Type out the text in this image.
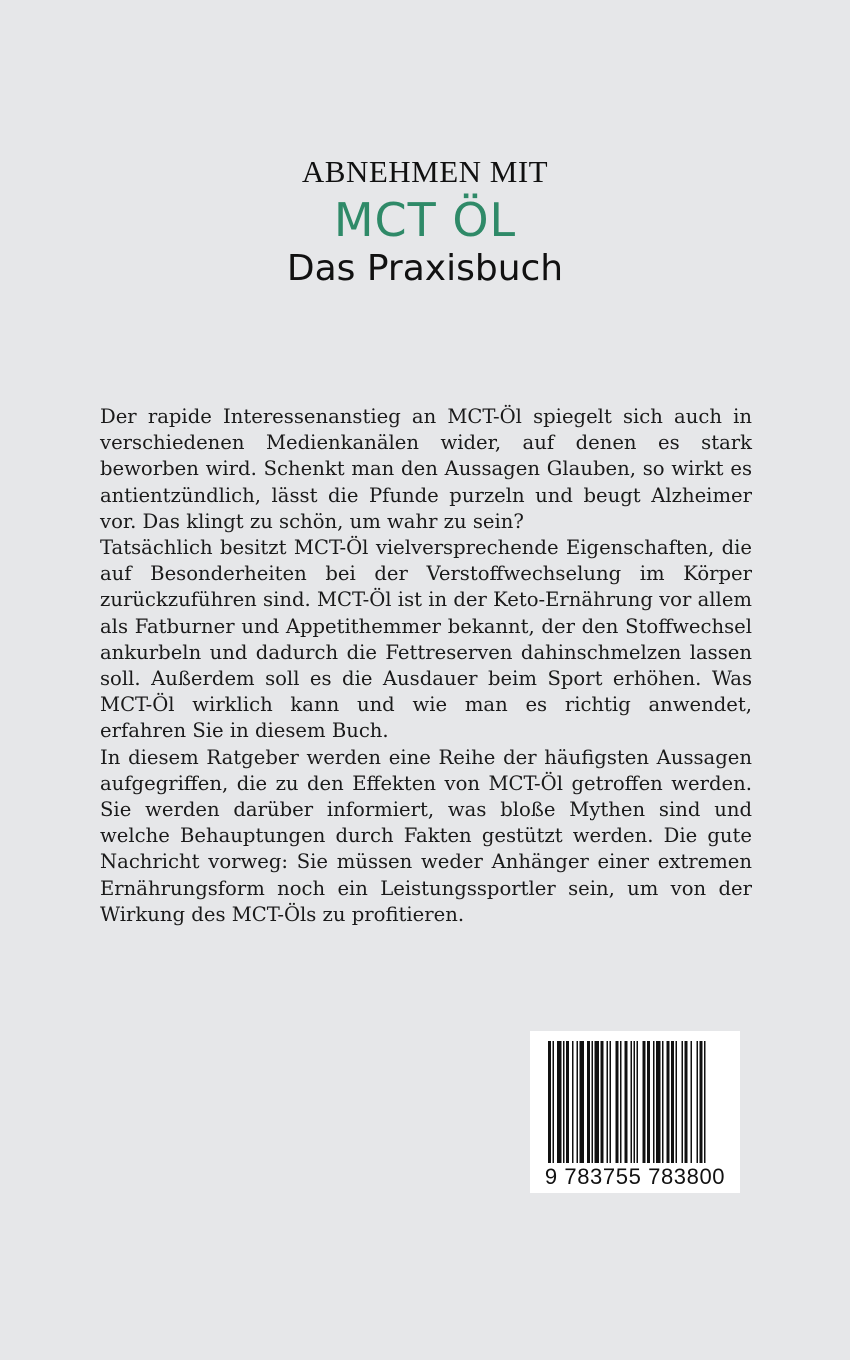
ABNEHMEN MIT
MCT ÖL
Das Praxisbuch

Der rapide Interessenanstieg an MCT-Öl spiegelt sich auch in verschiedenen Medienkanälen wider, auf denen es stark beworben wird. Schenkt man den Aussagen Glauben, so wirkt es antientzündlich, lässt die Pfunde purzeln und beugt Alzheimer vor. Das klingt zu schön, um wahr zu sein?

Tatsächlich besitzt MCT-Öl vielversprechende Eigenschaften, die auf Besonderheiten bei der Verstoffwechselung im Körper zurückzuführen sind. MCT-Öl ist in der Keto-Ernährung vor allem als Fatburner und Appetithemmer bekannt, der den Stoffwechsel ankurbeln und dadurch die Fettreserven dahinschmelzen lassen soll. Außerdem soll es die Ausdauer beim Sport erhöhen. Was MCT-Öl wirklich kann und wie man es richtig anwendet, erfahren Sie in diesem Buch.

In diesem Ratgeber werden eine Reihe der häufigsten Aussagen aufgegriffen, die zu den Effekten von MCT-Öl getroffen werden. Sie werden darüber informiert, was bloße Mythen sind und welche Behauptungen durch Fakten gestützt werden. Die gute Nachricht vorweg: Sie müssen weder Anhänger einer extremen Ernährungsform noch ein Leistungssportler sein, um von der Wirkung des MCT-Öls zu profitieren.

9 783755 783800
